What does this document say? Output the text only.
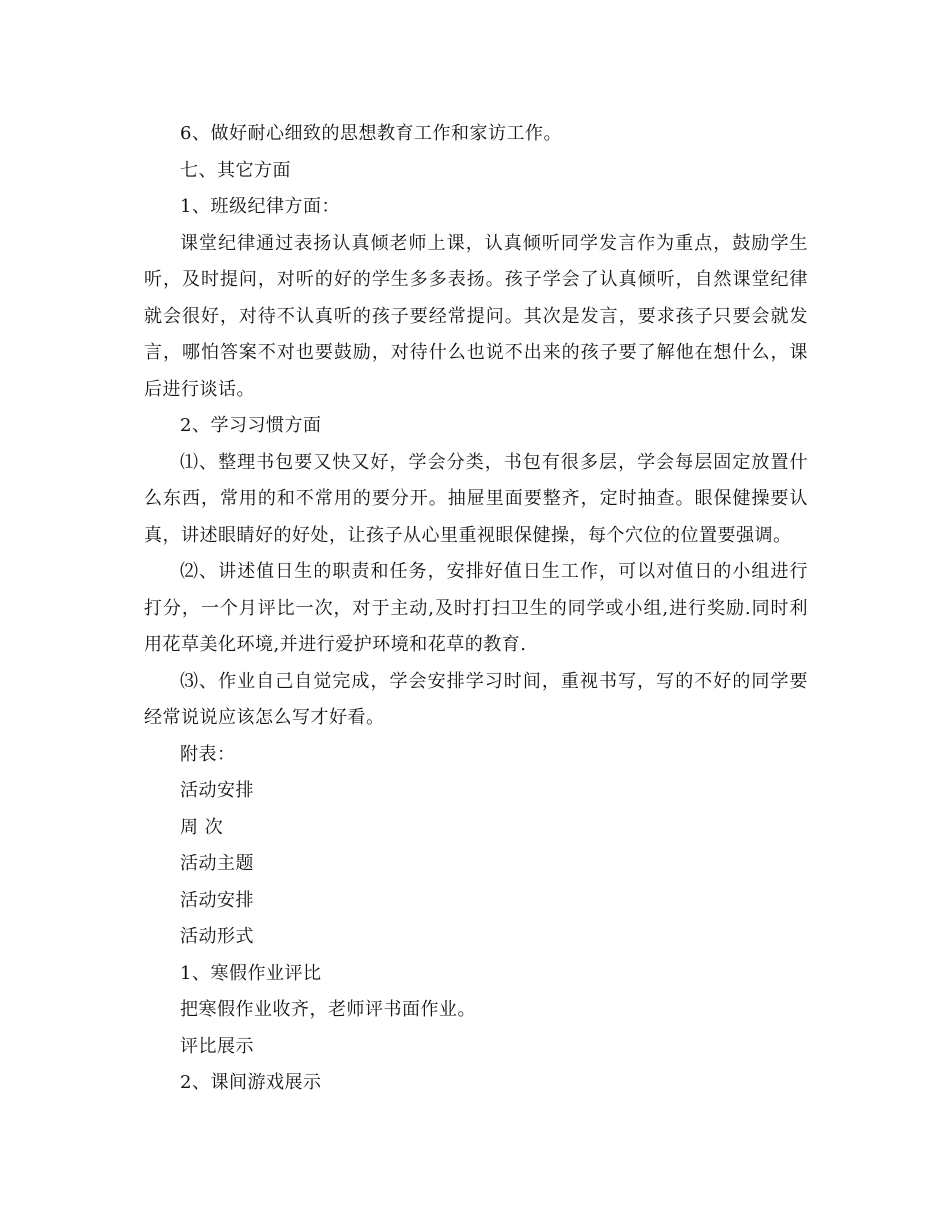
6、做好耐心细致的思想教育工作和家访工作。

七、其它方面

1、班级纪律方面：

课堂纪律通过表扬认真倾老师上课，认真倾听同学发言作为重点，鼓励学生听，及时提问，对听的好的学生多多表扬。孩子学会了认真倾听，自然课堂纪律就会很好，对待不认真听的孩子要经常提问。其次是发言，要求孩子只要会就发言，哪怕答案不对也要鼓励，对待什么也说不出来的孩子要了解他在想什么，课后进行谈话。

2、学习习惯方面

⑴、整理书包要又快又好，学会分类，书包有很多层，学会每层固定放置什么东西，常用的和不常用的要分开。抽屉里面要整齐，定时抽查。眼保健操要认真，讲述眼睛好的好处，让孩子从心里重视眼保健操，每个穴位的位置要强调。

⑵、讲述值日生的职责和任务，安排好值日生工作，可以对值日的小组进行打分，一个月评比一次，对于主动,及时打扫卫生的同学或小组,进行奖励.同时利用花草美化环境,并进行爱护环境和花草的教育.

⑶、作业自己自觉完成，学会安排学习时间，重视书写，写的不好的同学要经常说说应该怎么写才好看。

附表：

活动安排

周 次

活动主题

活动安排

活动形式

1、寒假作业评比

把寒假作业收齐，老师评书面作业。

评比展示

2、课间游戏展示
